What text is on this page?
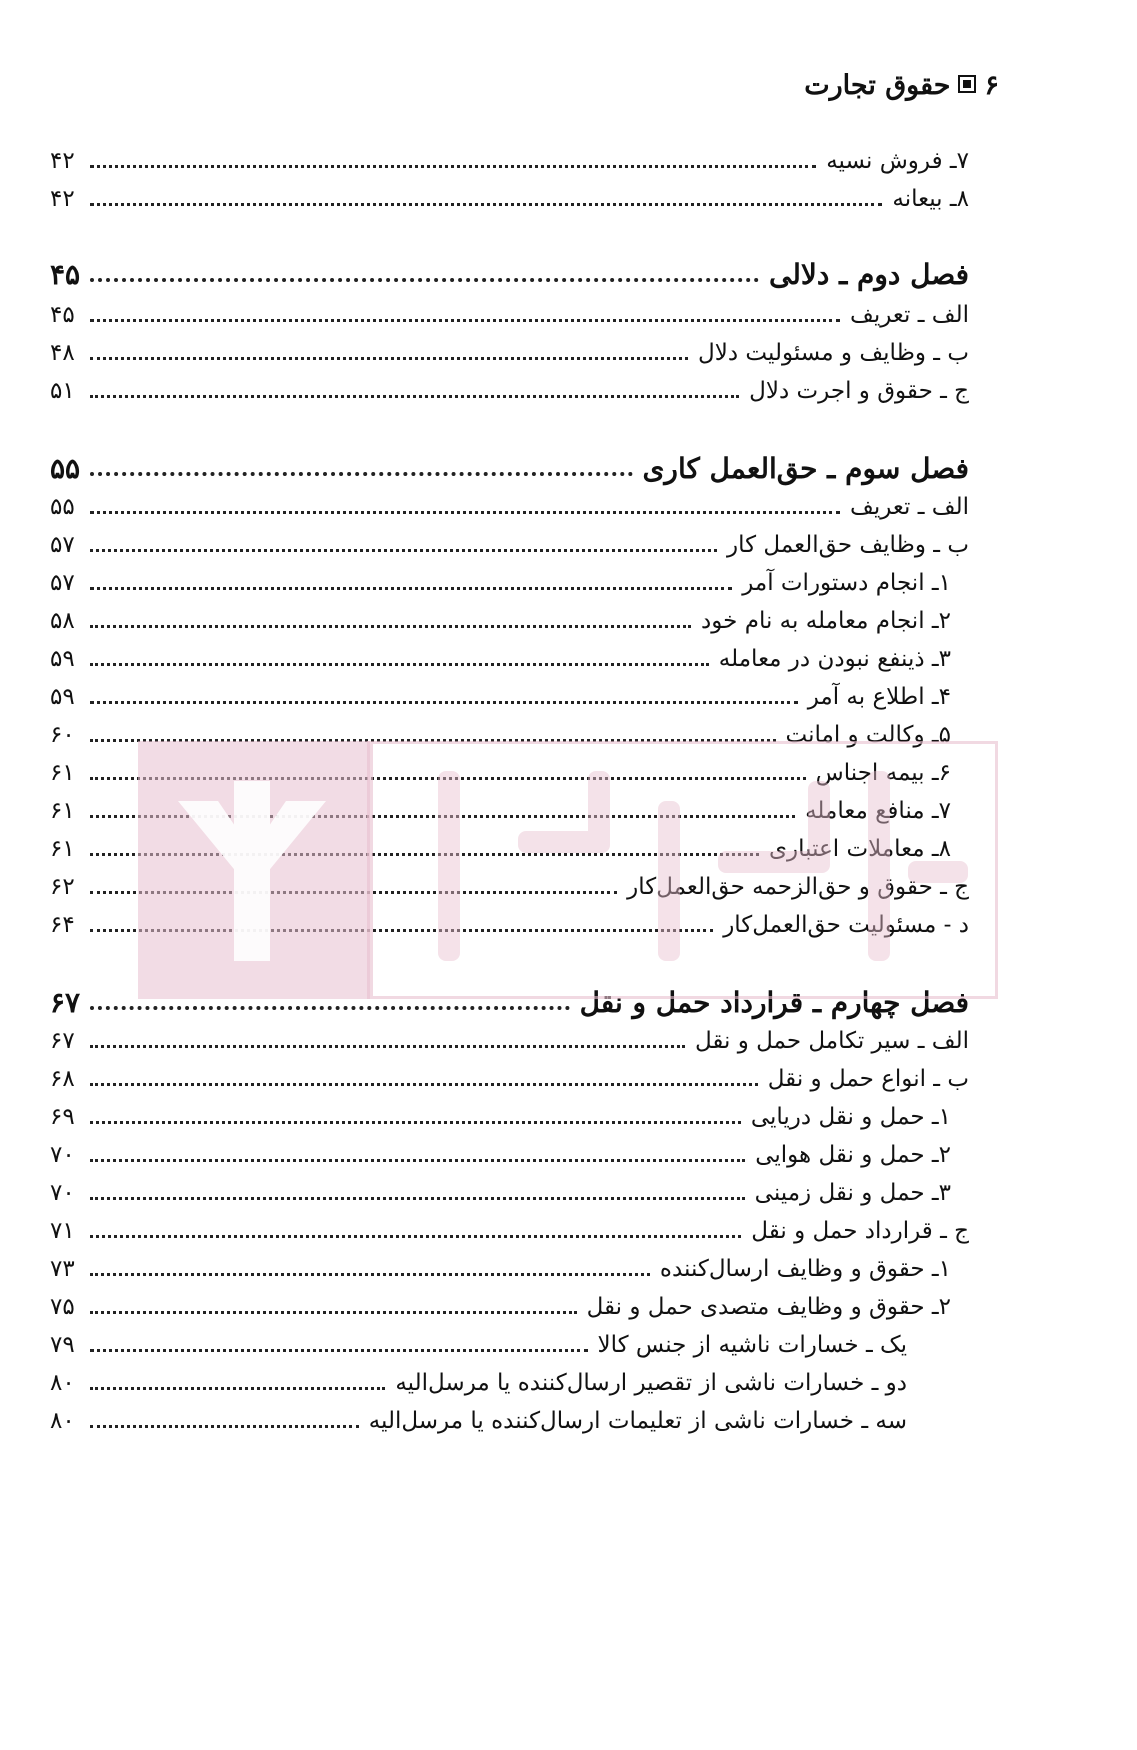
۶
حقوق تجارت
۷ـ فروش نسیه
۴۲
۸ـ بیعانه
۴۲
فصل دوم ـ دلالی
۴۵
الف ـ تعریف
۴۵
ب ـ وظایف و مسئولیت دلال
۴۸
ج ـ حقوق و اجرت دلال
۵۱
فصل سوم ـ حق‌العمل کاری
۵۵
الف ـ تعریف
۵۵
ب ـ وظایف حق‌العمل کار
۵۷
۱ـ انجام دستورات آمر
۵۷
۲ـ انجام معامله به نام خود
۵۸
۳ـ ذینفع نبودن در معامله
۵۹
۴ـ اطلاع به آمر
۵۹
۵ـ وکالت و امانت
۶۰
۶ـ بیمه اجناس
۶۱
۷ـ منافع معامله
۶۱
۸ـ معاملات اعتباری
۶۱
ج ـ حقوق و حق‌الزحمه حق‌العمل‌کار
۶۲
د - مسئولیت حق‌العمل‌کار
۶۴
فصل چهارم ـ قرارداد حمل و نقل
۶۷
الف ـ سیر تکامل حمل و نقل
۶۷
ب ـ انواع حمل و نقل
۶۸
۱ـ حمل و نقل دریایی
۶۹
۲ـ حمل و نقل هوایی
۷۰
۳ـ حمل و نقل زمینی
۷۰
ج ـ قرارداد حمل و نقل
۷۱
۱ـ حقوق و وظایف ارسال‌کننده
۷۳
۲ـ حقوق و وظایف متصدی حمل و نقل
۷۵
یک ـ خسارات ناشیه از جنس کالا
۷۹
دو ـ خسارات ناشی از تقصیر ارسال‌کننده یا مرسل‌الیه
۸۰
سه ـ خسارات ناشی از تعلیمات ارسال‌کننده یا مرسل‌الیه
۸۰
